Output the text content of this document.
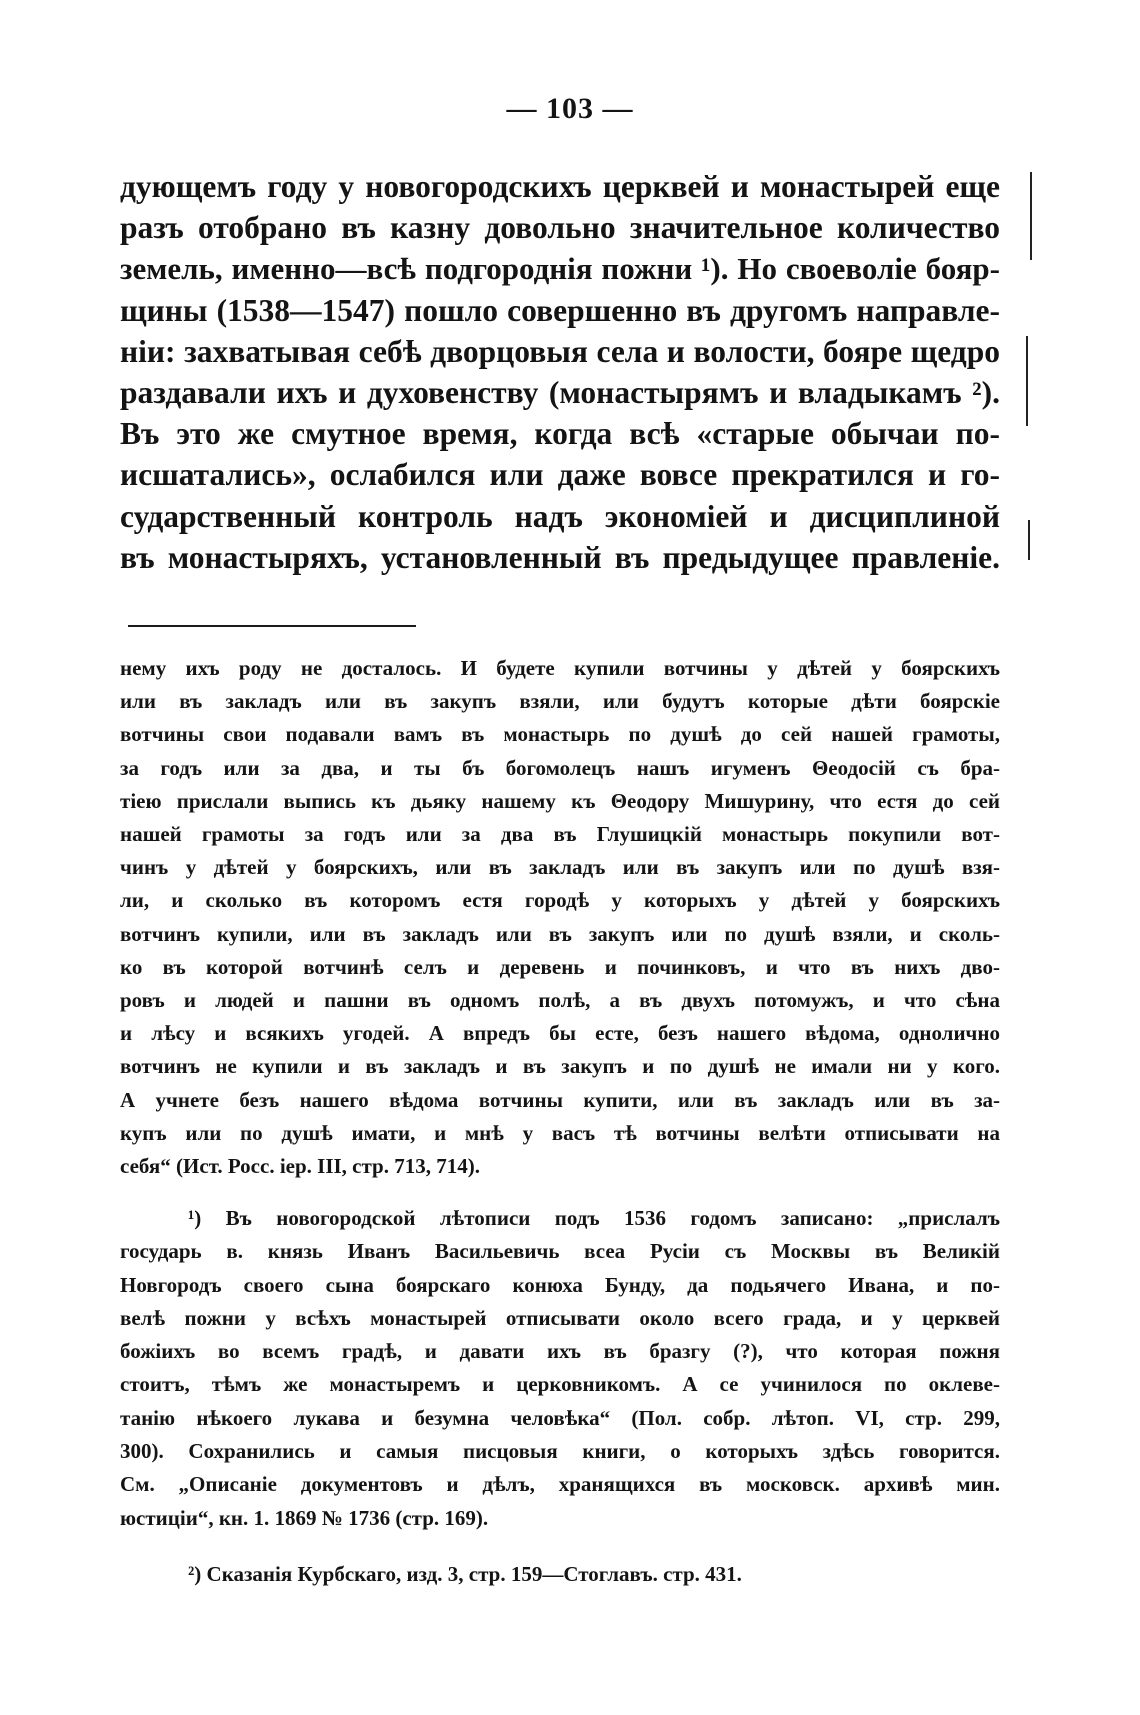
— 103 —
дующемъ году у новогородскихъ церквей и монастырей еще
разъ отобрано въ казну довольно значительное количество
земель, именно—всѣ подгороднія пожни ¹). Но своеволіе бояр-
щины (1538—1547) пошло совершенно въ другомъ направле-
ніи: захватывая себѣ дворцовыя села и волости, бояре щедро
раздавали ихъ и духовенству (монастырямъ и владыкамъ ²).
Въ это же смутное время, когда всѣ «старые обычаи по-
исшатались», ослабился или даже вовсе прекратился и го-
сударственный контроль надъ экономіей и дисциплиной
въ монастыряхъ, установленный въ предыдущее правленіе.
нему ихъ роду не досталось. И будете купили вотчины у дѣтей у боярскихъ
или въ закладъ или въ закупъ взяли, или будутъ которые дѣти боярскіе
вотчины свои подавали вамъ въ монастырь по душѣ до сей нашей грамоты,
за годъ или за два, и ты бъ богомолецъ нашъ игуменъ Θеодосій съ бра-
тіею прислали выпись къ дьяку нашему къ Θеодору Мишурину, что естя до сей
нашей грамоты за годъ или за два въ Глушицкій монастырь покупили вот-
чинъ у дѣтей у боярскихъ, или въ закладъ или въ закупъ или по душѣ взя-
ли, и сколько въ которомъ естя городѣ у которыхъ у дѣтей у боярскихъ
вотчинъ купили, или въ закладъ или въ закупъ или по душѣ взяли, и сколь-
ко въ которой вотчинѣ селъ и деревень и починковъ, и что въ нихъ дво-
ровъ и людей и пашни въ одномъ полѣ, а въ двухъ потомужъ, и что сѣна
и лѣсу и всякихъ угодей. А впредъ бы есте, безъ нашего вѣдома, одноличнo
вотчинъ не купили и въ закладъ и въ закупъ и по душѣ не имали ни у кого.
А учнете безъ нашего вѣдома вотчины купити, или въ закладъ или въ за-
купъ или по душѣ имати, и мнѣ у васъ тѣ вотчины велѣти отписывати на
себя“ (Ист. Росс. іер. III, стр. 713, 714).
¹) Въ новогородской лѣтописи подъ 1536 годомъ записано: „прислалъ
государь в. князь Иванъ Васильевичь всеа Русіи съ Москвы въ Великій
Новгородъ своего сына боярскаго конюха Бунду, да подьячего Ивана, и по-
велѣ пожни у всѣхъ монастырей отписывати около всего града, и у церквей
божіихъ во всемъ градѣ, и давати ихъ въ бразгу (?), что которая пожня
стоитъ, тѣмъ же монастыремъ и церковникомъ. А се учинилося по оклеве-
танію нѣкоего лукава и безумна человѣка“ (Пол. собр. лѣтоп. VI, стр. 299,
300). Сохранились и самыя писцовыя книги, о которыхъ здѣсь говорится.
См. „Описаніе документовъ и дѣлъ, хранящихся въ московск. архивѣ мин.
юстиціи“, кн. 1. 1869 № 1736 (стр. 169).
²) Сказанія Курбскаго, изд. 3, стр. 159—Стоглавъ. стр. 431.
